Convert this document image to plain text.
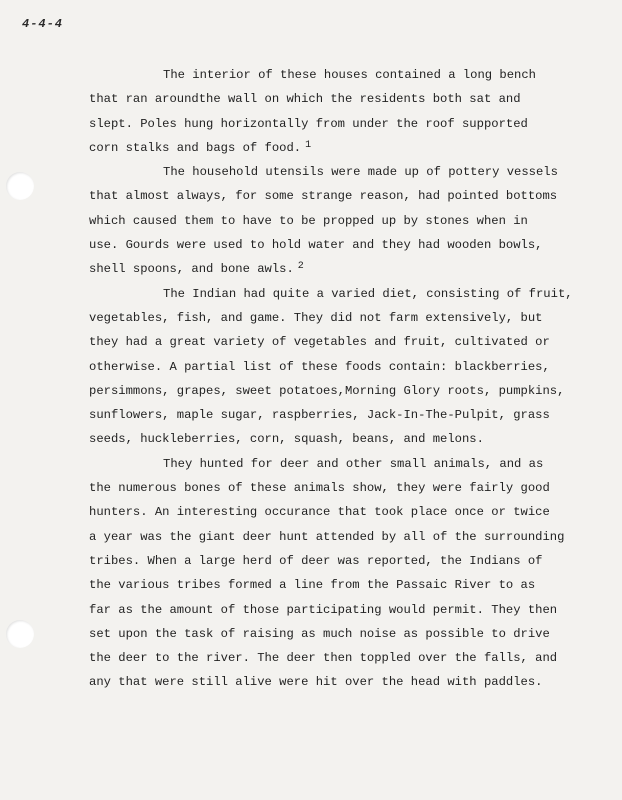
4-4-4
The interior of these houses contained a long bench
that ran aroundthe wall on which the residents both sat and
slept. Poles hung horizontally from under the roof supported
corn stalks and bags of food. $^1$
The household utensils were made up of pottery vessels
that almost always, for some strange reason, had pointed bottoms
which caused them to have to be propped up by stones when in
use. Gourds were used to hold water and they had wooden bowls,
shell spoons, and bone awls. $^2$
The Indian had quite a varied diet, consisting of fruit,
vegetables, fish, and game. They did not farm extensively, but
they had a great variety of vegetables and fruit, cultivated or
otherwise. A partial list of these foods contain: blackberries,
persimmons, grapes, sweet potatoes,Morning Glory roots, pumpkins,
sunflowers, maple sugar, raspberries, Jack-In-The-Pulpit, grass
seeds, huckleberries, corn, squash, beans, and melons.
They hunted for deer and other small animals, and as
the numerous bones of these animals show, they were fairly good
hunters. An interesting occurance that took place once or twice
a year was the giant deer hunt attended by all of the surrounding
tribes. When a large herd of deer was reported, the Indians of
the various tribes formed a line from the Passaic River to as
far as the amount of those participating would permit. They then
set upon the task of raising as much noise as possible to drive
the deer to the river. The deer then toppled over the falls, and
any that were still alive were hit over the head with paddles.
